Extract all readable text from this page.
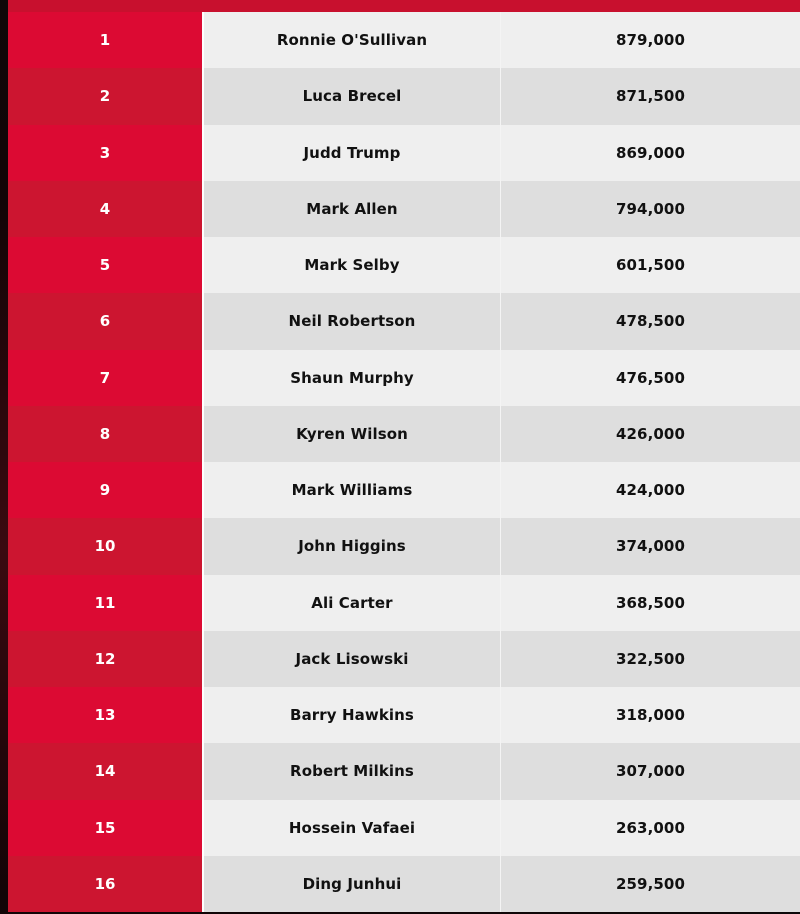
1	Ronnie O'Sullivan	879,000
2	Luca Brecel	871,500
3	Judd Trump	869,000
4	Mark Allen	794,000
5	Mark Selby	601,500
6	Neil Robertson	478,500
7	Shaun Murphy	476,500
8	Kyren Wilson	426,000
9	Mark Williams	424,000
10	John Higgins	374,000
11	Ali Carter	368,500
12	Jack Lisowski	322,500
13	Barry Hawkins	318,000
14	Robert Milkins	307,000
15	Hossein Vafaei	263,000
16	Ding Junhui	259,500
